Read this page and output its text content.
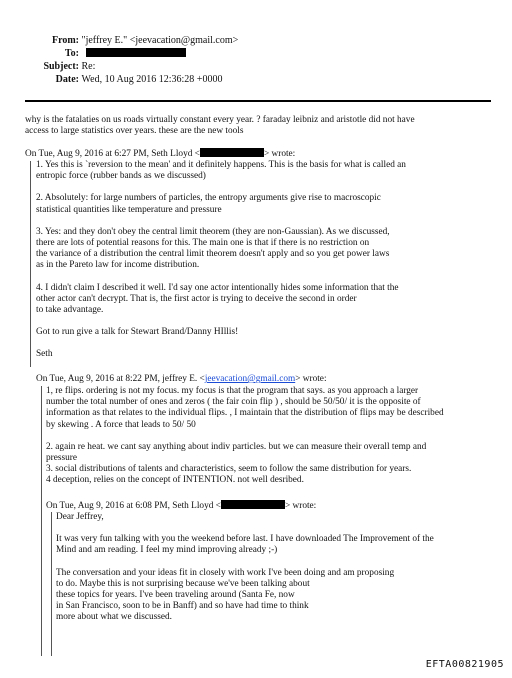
From: "jeffrey E." <jeevacation@gmail.com>
To:
Subject: Re:
Date: Wed, 10 Aug 2016 12:36:28 +0000
why is the fatalaties on us roads virtually constant every year. ? faraday leibniz and aristotle did not have
access to large statistics over years. these are the new tools
On Tue, Aug 9, 2016 at 6:27 PM, Seth Lloyd <	> wrote:
1. Yes this is `reversion to the mean' and it definitely happens. This is the basis for what is called an
entropic force (rubber bands as we discussed)
2. Absolutely: for large numbers of particles, the entropy arguments give rise to macroscopic
statistical quantities like temperature and pressure
3. Yes: and they don't obey the central limit theorem (they are non-Gaussian). As we discussed,
there are lots of potential reasons for this. The main one is that if there is no restriction on
the variance of a distribution the central limit theorem doesn't apply and so you get power laws
as in the Pareto law for income distribution.
4. I didn't claim I described it well. I'd say one actor intentionally hides some information that the
other actor can't decrypt. That is, the first actor is trying to deceive the second in order
to take advantage.
Got to run give a talk for Stewart Brand/Danny HIllis!
Seth
On Tue, Aug 9, 2016 at 8:22 PM, jeffrey E. <jeevacation@gmail.com> wrote:
1, re flips. ordering is not my focus. my focus is that the program that says. as you approach a larger
number the total number of ones and zeros ( the fair coin flip ) , should be 50/50/ it is the opposite of
information as that relates to the individual flips. , I maintain that the distribution of flips may be described
by skewing . A force that leads to 50/ 50
2. again re heat. we cant say anything about indiv particles. but we can measure their overall temp and
pressure
3. social distributions of talents and characteristics, seem to follow the same distribution for years.
4 deception, relies on the concept of INTENTION. not well desribed.
On Tue, Aug 9, 2016 at 6:08 PM, Seth Lloyd <	> wrote:
Dear Jeffrey,
It was very fun talking with you the weekend before last. I have downloaded The Improvement of the
Mind and am reading. I feel my mind improving already ;-)
The conversation and your ideas fit in closely with work I've been doing and am proposing
to do. Maybe this is not surprising because we've been talking about
these topics for years. I've been traveling around (Santa Fe, now
in San Francisco, soon to be in Banff) and so have had time to think
more about what we discussed.
EFTA00821905
